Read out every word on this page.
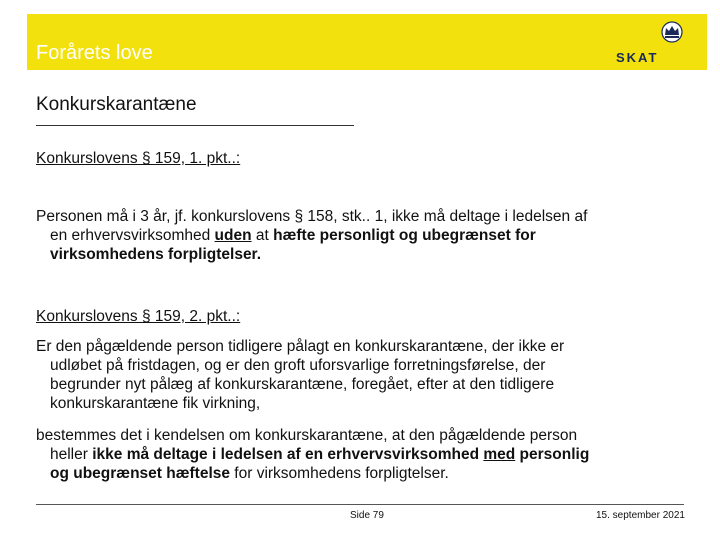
Forårets love	SKAT
Konkurskarantæne
Konkurslovens § 159, 1. pkt..:
Personen må i 3 år, jf. konkurslovens § 158, stk.. 1, ikke må deltage i ledelsen af
en erhvervsvirksomhed uden at hæfte personligt og ubegrænset for
virksomhedens forpligtelser.
Konkurslovens § 159, 2. pkt..:
Er den pågældende person tidligere pålagt en konkurskarantæne, der ikke er
udløbet på fristdagen, og er den groft uforsvarlige forretningsførelse, der
begrunder nyt pålæg af konkurskarantæne, foregået, efter at den tidligere
konkurskarantæne fik virkning,
bestemmes det i kendelsen om konkurskarantæne, at den pågældende person
heller ikke må deltage i ledelsen af en erhvervsvirksomhed med personlig
og ubegrænset hæftelse for virksomhedens forpligtelser.
Side 79	15. september 2021
